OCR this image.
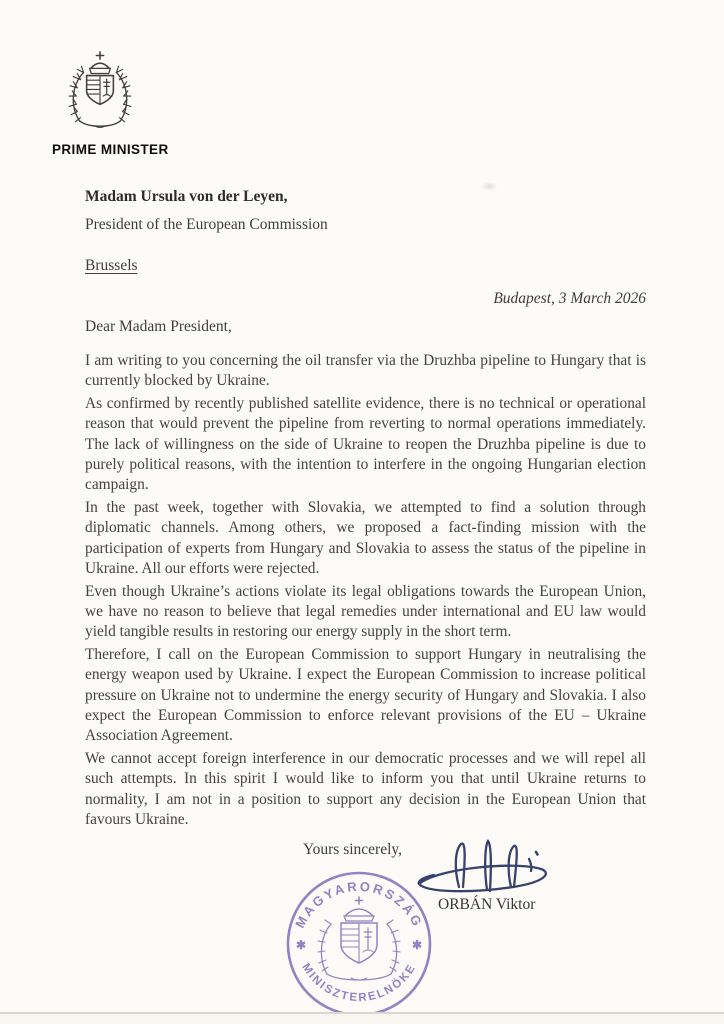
PRIME MINISTER
Madam Ursula von der Leyen,
President of the European Commission
Brussels
Budapest, 3 March 2026
Dear Madam President,

I am writing to you concerning the oil transfer via the Druzhba pipeline to Hungary that is currently blocked by Ukraine.

As confirmed by recently published satellite evidence, there is no technical or operational reason that would prevent the pipeline from reverting to normal operations immediately. The lack of willingness on the side of Ukraine to reopen the Druzhba pipeline is due to purely political reasons, with the intention to interfere in the ongoing Hungarian election campaign.

In the past week, together with Slovakia, we attempted to find a solution through diplomatic channels. Among others, we proposed a fact-finding mission with the participation of experts from Hungary and Slovakia to assess the status of the pipeline in Ukraine. All our efforts were rejected.

Even though Ukraine’s actions violate its legal obligations towards the European Union, we have no reason to believe that legal remedies under international and EU law would yield tangible results in restoring our energy supply in the short term.

Therefore, I call on the European Commission to support Hungary in neutralising the energy weapon used by Ukraine. I expect the European Commission to increase political pressure on Ukraine not to undermine the energy security of Hungary and Slovakia. I also expect the European Commission to enforce relevant provisions of the EU – Ukraine Association Agreement.

We cannot accept foreign interference in our democratic processes and we will repel all such attempts. In this spirit I would like to inform you that until Ukraine returns to normality, I am not in a position to support any decision in the European Union that favours Ukraine.

Yours sincerely,
ORBÁN Viktor
MAGYARORSZÁG
MINISZTERELNÖKE
✱	✱
